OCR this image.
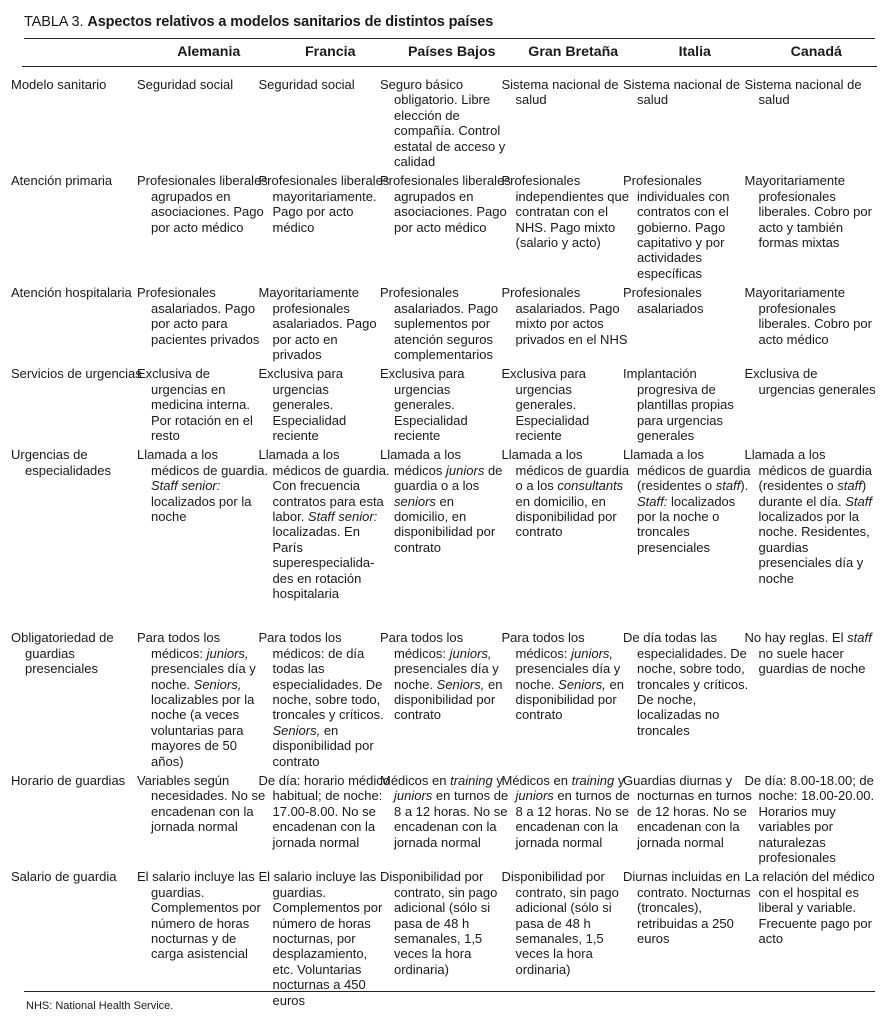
TABLA 3. Aspectos relativos a modelos sanitarios de distintos países
	Alemania	Francia	Países Bajos	Gran Bretaña	Italia	Canadá
Modelo sanitario	Seguridad social	Seguridad social	Seguro básico obligatorio. Libre elección de compañía. Control estatal de acceso y calidad	Sistema nacional de salud	Sistema nacional de salud	Sistema nacional de salud
Atención primaria	Profesionales liberales agrupados en asociaciones. Pago por acto médico	Profesionales liberales mayoritariamente. Pago por acto médico	Profesionales liberales agrupados en asociaciones. Pago por acto médico	Profesionales independientes que contratan con el NHS. Pago mixto (salario y acto)	Profesionales individuales con contratos con el gobierno. Pago capitativo y por actividades específicas	Mayoritariamente profesionales liberales. Cobro por acto y también formas mixtas
Atención hospitalaria	Profesionales asalariados. Pago por acto para pacientes privados	Mayoritariamente profesionales asalariados. Pago por acto en privados	Profesionales asalariados. Pago suplementos por atención seguros complementarios	Profesionales asalariados. Pago mixto por actos privados en el NHS	Profesionales asalariados	Mayoritariamente profesionales liberales. Cobro por acto médico
Servicios de urgencias	Exclusiva de urgencias en medicina interna. Por rotación en el resto	Exclusiva para urgencias generales. Especialidad reciente	Exclusiva para urgencias generales. Especialidad reciente	Exclusiva para urgencias generales. Especialidad reciente	Implantación progresiva de plantillas propias para urgencias generales	Exclusiva de urgencias generales
Urgencias de especialidades	Llamada a los médicos de guardia. Staff senior: localizados por la noche	Llamada a los médicos de guardia. Con frecuencia contratos para esta labor. Staff senior: localizadas. En París superespecialida-des en rotación hospitalaria	Llamada a los médicos juniors de guardia o a los seniors en domicilio, en disponibilidad por contrato	Llamada a los médicos de guardia o a los consultants en domicilio, en disponibilidad por contrato	Llamada a los médicos de guardia (residentes o staff). Staff: localizados por la noche o troncales presenciales	Llamada a los médicos de guardia (residentes o staff) durante el día. Staff localizados por la noche. Residentes, guardias presenciales día y noche
Obligatoriedad de guardias presenciales	Para todos los médicos: juniors, presenciales día y noche. Seniors, localizables por la noche (a veces voluntarias para mayores de 50 años)	Para todos los médicos: de día todas las especialidades. De noche, sobre todo, troncales y críticos. Seniors, en disponibilidad por contrato	Para todos los médicos: juniors, presenciales día y noche. Seniors, en disponibilidad por contrato	Para todos los médicos: juniors, presenciales día y noche. Seniors, en disponibilidad por contrato	De día todas las especialidades. De noche, sobre todo, troncales y críticos. De noche, localizadas no troncales	No hay reglas. El staff no suele hacer guardias de noche
Horario de guardias	Variables según necesidades. No se encadenan con la jornada normal	De día: horario médico habitual; de noche: 17.00-8.00. No se encadenan con la jornada normal	Médicos en training y juniors en turnos de 8 a 12 horas. No se encadenan con la jornada normal	Médicos en training y juniors en turnos de 8 a 12 horas. No se encadenan con la jornada normal	Guardias diurnas y nocturnas en turnos de 12 horas. No se encadenan con la jornada normal	De día: 8.00-18.00; de noche: 18.00-20.00. Horarios muy variables por naturalezas profesionales
Salario de guardia	El salario incluye las guardias. Complementos por número de horas nocturnas y de carga asistencial	El salario incluye las guardias. Complementos por número de horas nocturnas, por desplazamiento, etc. Voluntarias nocturnas a 450 euros	Disponibilidad por contrato, sin pago adicional (sólo si pasa de 48 h semanales, 1,5 veces la hora ordinaria)	Disponibilidad por contrato, sin pago adicional (sólo si pasa de 48 h semanales, 1,5 veces la hora ordinaria)	Diurnas incluidas en contrato. Nocturnas (troncales), retribuidas a 250 euros	La relación del médico con el hospital es liberal y variable. Frecuente pago por acto
NHS: National Health Service.
